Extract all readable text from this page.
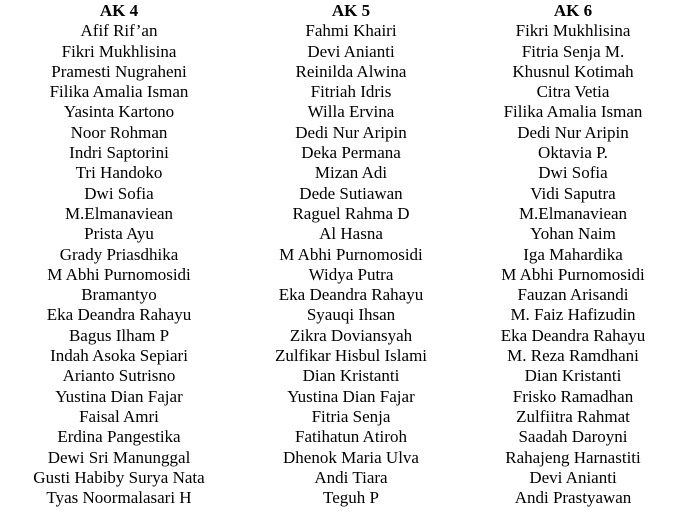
AK 4
Afif Rif’an
Fikri Mukhlisina
Pramesti Nugraheni
Filika Amalia Isman
Yasinta Kartono
Noor Rohman
Indri Saptorini
Tri Handoko
Dwi Sofia
M.Elmanaviean
Prista Ayu
Grady Priasdhika
M Abhi Purnomosidi
Bramantyo
Eka Deandra Rahayu
Bagus Ilham P
Indah Asoka Sepiari
Arianto Sutrisno
Yustina Dian Fajar
Faisal Amri
Erdina Pangestika
Dewi Sri Manunggal
Gusti Habiby Surya Nata
Tyas Noormalasari H
AK 5
Fahmi Khairi
Devi Anianti
Reinilda Alwina
Fitriah Idris
Willa Ervina
Dedi Nur Aripin
Deka Permana
Mizan Adi
Dede Sutiawan
Raguel Rahma D
Al Hasna
M Abhi Purnomosidi
Widya Putra
Eka Deandra Rahayu
Syauqi Ihsan
Zikra Doviansyah
Zulfikar Hisbul Islami
Dian Kristanti
Yustina Dian Fajar
Fitria Senja
Fatihatun Atiroh
Dhenok Maria Ulva
Andi Tiara
Teguh P
AK 6
Fikri Mukhlisina
Fitria Senja M.
Khusnul Kotimah
Citra Vetia
Filika Amalia Isman
Dedi Nur Aripin
Oktavia P.
Dwi Sofia
Vidi Saputra
M.Elmanaviean
Yohan Naim
Iga Mahardika
M Abhi Purnomosidi
Fauzan Arisandi
M. Faiz Hafizudin
Eka Deandra Rahayu
M. Reza Ramdhani
Dian Kristanti
Frisko Ramadhan
Zulfiitra Rahmat
Saadah Daroyni
Rahajeng Harnastiti
Devi Anianti
Andi Prastyawan
